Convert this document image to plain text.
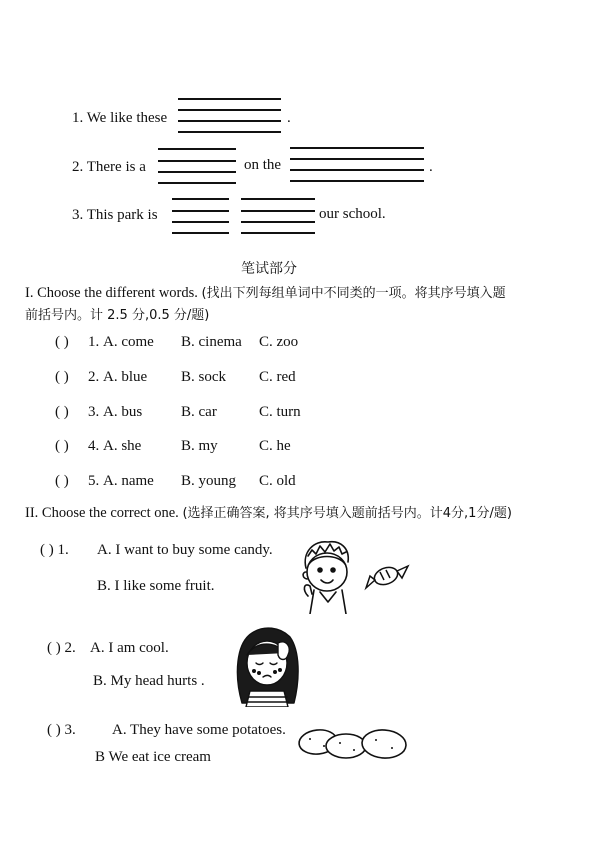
1. We like these	.
2. There is a	on the	.
3. This park is	our school.
笔试部分
I. Choose the different words. (找出下列每组单词中不同类的一项。将其序号填入题
前括号内。计 2.5 分,0.5 分/题)
( ) 1. A. come B. cinema C. zoo
( ) 2. A. blue B. sock C. red
( ) 3. A. bus	B. car	C. turn
( ) 4. A. she	B. my	C. he
( ) 5. A. name B. young C. old
II. Choose the correct one. (选择正确答案, 将其序号填入题前括号内。计4分,1分/题)
( ) 1. A. I want to buy some candy.
B. I like some fruit.
( ) 2. A. I am cool.
B. My head hurts .
( ) 3. A. They have some potatoes.
B We eat ice cream
